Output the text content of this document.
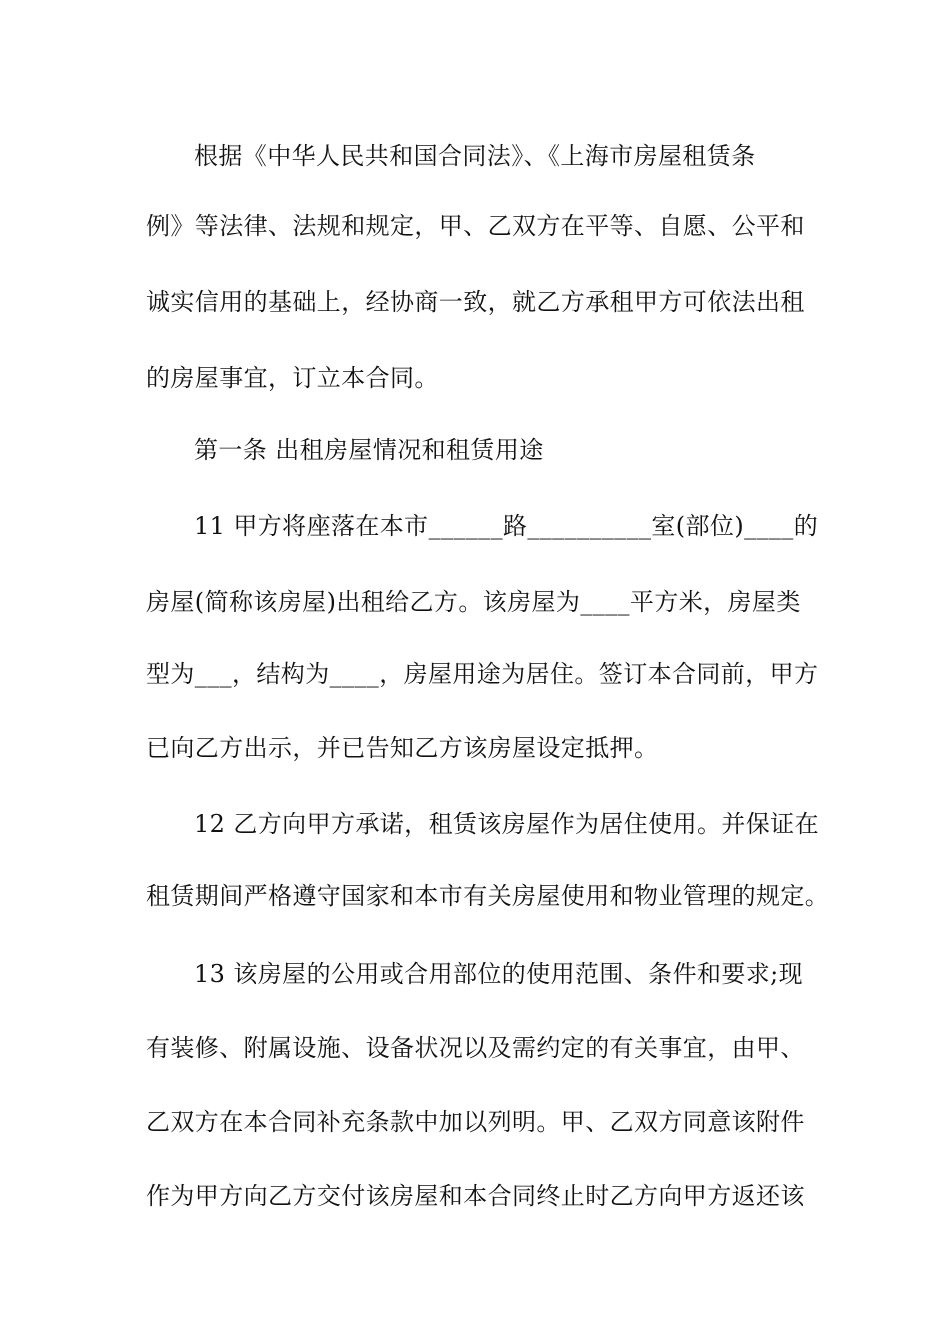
根据《中华人民共和国合同法》、《上海市房屋租赁条
例》等法律、法规和规定，甲、乙双方在平等、自愿、公平和
诚实信用的基础上，经协商一致，就乙方承租甲方可依法出租
的房屋事宜，订立本合同。
第一条 出租房屋情况和租赁用途
11 甲方将座落在本市______路__________室(部位)____的
房屋(简称该房屋)出租给乙方。该房屋为____平方米，房屋类
型为___，结构为____，房屋用途为居住。签订本合同前，甲方
已向乙方出示，并已告知乙方该房屋设定抵押。
12 乙方向甲方承诺，租赁该房屋作为居住使用。并保证在
租赁期间严格遵守国家和本市有关房屋使用和物业管理的规定。
13 该房屋的公用或合用部位的使用范围、条件和要求;现
有装修、附属设施、设备状况以及需约定的有关事宜，由甲、
乙双方在本合同补充条款中加以列明。甲、乙双方同意该附件
作为甲方向乙方交付该房屋和本合同终止时乙方向甲方返还该
